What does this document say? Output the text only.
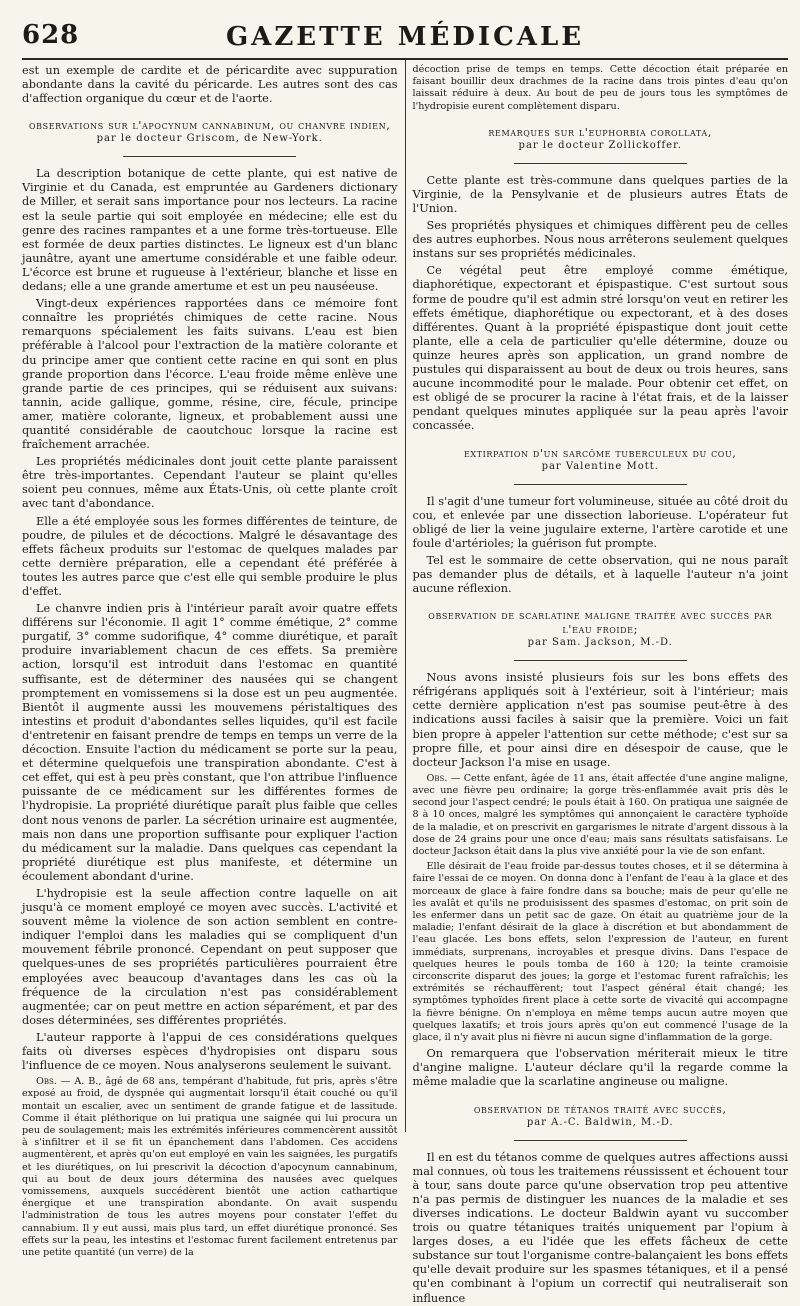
628	GAZETTE MÉDICALE

est un exemple de cardite et de péricardite avec suppuration abondante dans la cavité du péricarde. Les autres sont des cas d'affection organique du cœur et de l'aorte.

observations sur l'apocynum cannabinum, ou chanvre indien,
par le docteur Griscom, de New-York.

La description botanique de cette plante, qui est native de Virginie et du Canada, est empruntée au Gardeners dictionary de Miller, et serait sans importance pour nos lecteurs. La racine est la seule partie qui soit employée en médecine; elle est du genre des racines rampantes et a une forme très-tortueuse. Elle est formée de deux parties distinctes. Le ligneux est d'un blanc jaunâtre, ayant une amertume considérable et une faible odeur. L'écorce est brune et rugueuse à l'extérieur, blanche et lisse en dedans; elle a une grande amertume et est un peu nauséeuse.

Vingt-deux expériences rapportées dans ce mémoire font connaître les propriétés chimiques de cette racine. Nous remarquons spécialement les faits suivans. L'eau est bien préférable à l'alcool pour l'extraction de la matière colorante et du principe amer que contient cette racine en qui sont en plus grande proportion dans l'écorce. L'eau froide même enlève une grande partie de ces principes, qui se réduisent aux suivans: tannin, acide gallique, gomme, résine, cire, fécule, principe amer, matière colorante, ligneux, et probablement aussi une quantité considérable de caoutchouc lorsque la racine est fraîchement arrachée.

Les propriétés médicinales dont jouit cette plante paraissent être très-importantes. Cependant l'auteur se plaint qu'elles soient peu connues, même aux États-Unis, où cette plante croît avec tant d'abondance.

Elle a été employée sous les formes différentes de teinture, de poudre, de pilules et de décoctions. Malgré le désavantage des effets fâcheux produits sur l'estomac de quelques malades par cette dernière préparation, elle a cependant été préférée à toutes les autres parce que c'est elle qui semble produire le plus d'effet.

Le chanvre indien pris à l'intérieur paraît avoir quatre effets différens sur l'économie. Il agit 1° comme émétique, 2° comme purgatif, 3° comme sudorifique, 4° comme diurétique, et paraît produire invariablement chacun de ces effets. Sa première action, lorsqu'il est introduit dans l'estomac en quantité suffisante, est de déterminer des nausées qui se changent promptement en vomissemens si la dose est un peu augmentée. Bientôt il augmente aussi les mouvemens péristaltiques des intestins et produit d'abondantes selles liquides, qu'il est facile d'entretenir en faisant prendre de temps en temps un verre de la décoction. Ensuite l'action du médicament se porte sur la peau, et détermine quelquefois une transpiration abondante. C'est à cet effet, qui est à peu près constant, que l'on attribue l'influence puissante de ce médicament sur les différentes formes de l'hydropisie. La propriété diurétique paraît plus faible que celles dont nous venons de parler. La sécrétion urinaire est augmentée, mais non dans une proportion suffisante pour expliquer l'action du médicament sur la maladie. Dans quelques cas cependant la propriété diurétique est plus manifeste, et détermine un écoulement abondant d'urine.

L'hydropisie est la seule affection contre laquelle on ait jusqu'à ce moment employé ce moyen avec succès. L'activité et souvent même la violence de son action semblent en contre-indiquer l'emploi dans les maladies qui se compliquent d'un mouvement fébrile prononcé. Cependant on peut supposer que quelques-unes de ses propriétés particulières pourraient être employées avec beaucoup d'avantages dans les cas où la fréquence de la circulation n'est pas considérablement augmentée; car on peut mettre en action séparément, et par des doses déterminées, ses différentes propriétés.

L'auteur rapporte à l'appui de ces considérations quelques faits où diverses espèces d'hydropisies ont disparu sous l'influence de ce moyen. Nous analyserons seulement le suivant.

Obs. — A. B., âgé de 68 ans, tempérant d'habitude, fut pris, après s'être exposé au froid, de dyspnée qui augmentait lorsqu'il était couché ou qu'il montait un escalier, avec un sentiment de grande fatigue et de lassitude. Comme il était pléthorique on lui pratiqua une saignée qui lui procura un peu de soulagement; mais les extrémités inférieures commencèrent aussitôt à s'infiltrer et il se fit un épanchement dans l'abdomen. Ces accidens augmentèrent, et après qu'on eut employé en vain les saignées, les purgatifs et les diurétiques, on lui prescrivit la décoction d'apocynum cannabinum, qui au bout de deux jours détermina des nausées avec quelques vomissemens, auxquels succédèrent bientôt une action cathartique énergique et une transpiration abondante. On avait suspendu l'administration de tous les autres moyens pour constater l'effet du cannabium. Il y eut aussi, mais plus tard, un effet diurétique prononcé. Ses effets sur la peau, les intestins et l'estomac furent facilement entretenus par une petite quantité (un verre) de la

décoction prise de temps en temps. Cette décoction était préparée en faisant bouillir deux drachmes de la racine dans trois pintes d'eau qu'on laissait réduire à deux. Au bout de peu de jours tous les symptômes de l'hydropisie eurent complètement disparu.

remarques sur l'euphorbia corollata,
par le docteur Zollickoffer.

Cette plante est très-commune dans quelques parties de la Virginie, de la Pensylvanie et de plusieurs autres États de l'Union.

Ses propriétés physiques et chimiques diffèrent peu de celles des autres euphorbes. Nous nous arrêterons seulement quelques instans sur ses propriétés médicinales.

Ce végétal peut être employé comme émétique, diaphorétique, expectorant et épispastique. C'est surtout sous forme de poudre qu'il est admin stré lorsqu'on veut en retirer les effets émétique, diaphorétique ou expectorant, et à des doses différentes. Quant à la propriété épispastique dont jouit cette plante, elle a cela de particulier qu'elle détermine, douze ou quinze heures après son application, un grand nombre de pustules qui disparaissent au bout de deux ou trois heures, sans aucune incommodité pour le malade. Pour obtenir cet effet, on est obligé de se procurer la racine à l'état frais, et de la laisser pendant quelques minutes appliquée sur la peau après l'avoir concassée.

extirpation d'un sarcôme tuberculeux du cou,
par Valentine Mott.

Il s'agit d'une tumeur fort volumineuse, située au côté droit du cou, et enlevée par une dissection laborieuse. L'opérateur fut obligé de lier la veine jugulaire externe, l'artère carotide et une foule d'artérioles; la guérison fut prompte.

Tel est le sommaire de cette observation, qui ne nous paraît pas demander plus de détails, et à laquelle l'auteur n'a joint aucune réflexion.

observation de scarlatine maligne traitée avec succès par l'eau froide;
par Sam. Jackson, M.-D.

Nous avons insisté plusieurs fois sur les bons effets des réfrigérans appliqués soit à l'extérieur, soit à l'intérieur; mais cette dernière application n'est pas soumise peut-être à des indications aussi faciles à saisir que la première. Voici un fait bien propre à appeler l'attention sur cette méthode; c'est sur sa propre fille, et pour ainsi dire en désespoir de cause, que le docteur Jackson l'a mise en usage.

Obs. — Cette enfant, âgée de 11 ans, était affectée d'une angine maligne, avec une fièvre peu ordinaire; la gorge très-enflammée avait pris dès le second jour l'aspect cendré; le pouls était à 160. On pratiqua une saignée de 8 à 10 onces, malgré les symptômes qui annonçaient le caractère typhoïde de la maladie, et on prescrivit en gargarismes le nitrate d'argent dissous à la dose de 24 grains pour une once d'eau; mais sans résultats satisfaisans. Le docteur Jackson était dans la plus vive anxiété pour la vie de son enfant.

Elle désirait de l'eau froide par-dessus toutes choses, et il se détermina à faire l'essai de ce moyen. On donna donc à l'enfant de l'eau à la glace et des morceaux de glace à faire fondre dans sa bouche; mais de peur qu'elle ne les avalât et qu'ils ne produisissent des spasmes d'estomac, on prit soin de les enfermer dans un petit sac de gaze. On était au quatrième jour de la maladie; l'enfant désirait de la glace à discrétion et but abondamment de l'eau glacée. Les bons effets, selon l'expression de l'auteur, en furent immédiats, surprenans, incroyables et presque divins. Dans l'espace de quelques heures le pouls tomba de 160 à 120; la teinte cramoisie circonscrite disparut des joues; la gorge et l'estomac furent rafraîchis; les extrémités se réchauffèrent; tout l'aspect général était changé; les symptômes typhoïdes firent place à cette sorte de vivacité qui accompagne la fièvre bénigne. On n'employa en même temps aucun autre moyen que quelques laxatifs; et trois jours après qu'on eut commencé l'usage de la glace, il n'y avait plus ni fièvre ni aucun signe d'inflammation de la gorge.

On remarquera que l'observation mériterait mieux le titre d'angine maligne. L'auteur déclare qu'il la regarde comme la même maladie que la scarlatine angineuse ou maligne.

observation de tétanos traité avec succès,
par A.-C. Baldwin, M.-D.

Il en est du tétanos comme de quelques autres affections aussi mal connues, où tous les traitemens réussissent et échouent tour à tour, sans doute parce qu'une observation trop peu attentive n'a pas permis de distinguer les nuances de la maladie et ses diverses indications. Le docteur Baldwin ayant vu succomber trois ou quatre tétaniques traités uniquement par l'opium à larges doses, a eu l'idée que les effets fâcheux de cette substance sur tout l'organisme contre-balançaient les bons effets qu'elle devait produire sur les spasmes tétaniques, et il a pensé qu'en combinant à l'opium un correctif qui neutraliserait son influence
